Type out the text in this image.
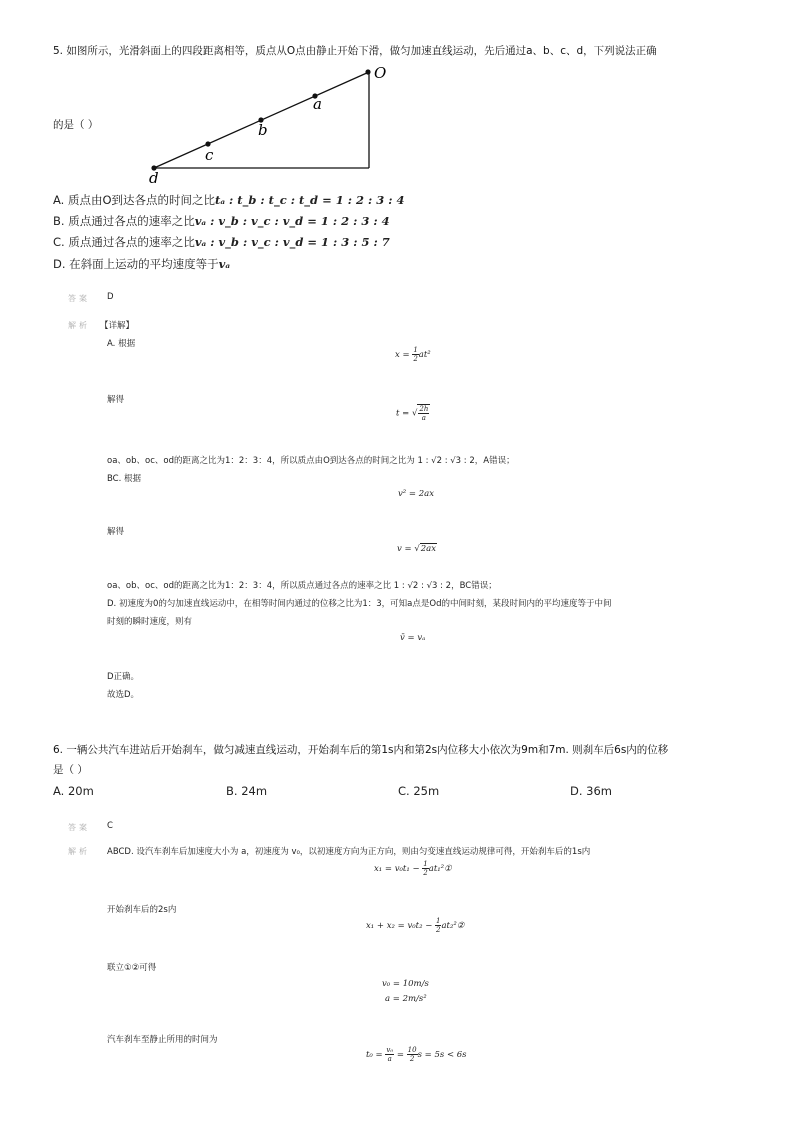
5. 如图所示，光滑斜面上的四段距离相等，质点从O点由静止开始下滑，做匀加速直线运动，先后通过a、b、c、d，下列说法正确
的是（ ）
O
a
b
c
d
A. 质点由O到达各点的时间之比tₐ : t_b : t_c : t_d = 1 : 2 : 3 : 4
B. 质点通过各点的速率之比vₐ : v_b : v_c : v_d = 1 : 2 : 3 : 4
C. 质点通过各点的速率之比vₐ : v_b : v_c : v_d = 1 : 3 : 5 : 7
D. 在斜面上运动的平均速度等于vₐ
答案 D
解析 【详解】
A. 根据
$x = \frac{1}{2} at^2$
解得
t = √ $\frac{2h}{a}$
oa、ob、oc、od的距离之比为1：2：3：4，所以质点由O到达各点的时间之比为 1 : √2 : √3 : 2，A错误；
BC. 根据
v² = 2ax
解得
v = √2ax
oa、ob、oc、od的距离之比为1：2：3：4，所以质点通过各点的速率之比 1 : √2 : √3 : 2，BC错误；
D. 初速度为0的匀加速直线运动中，在相等时间内通过的位移之比为1：3，可知a点是Od的中间时刻，某段时间内的平均速度等于中间
时刻的瞬时速度，则有
v̄ = vₐ
D正确。
故选D。
6. 一辆公共汽车进站后开始刹车，做匀减速直线运动，开始刹车后的第1s内和第2s内位移大小依次为9m和7m. 则刹车后6s内的位移
是（ ）
A. 20m	B. 24m	C. 25m	D. 36m
答案 C
解析 ABCD. 设汽车刹车后加速度大小为 a，初速度为 v₀，以初速度方向为正方向，则由匀变速直线运动规律可得，开始刹车后的1s内
$x_1 = v_0t_1 - \frac{1}{2}$ at₁²①
开始刹车后的2s内
$x_1 + x_2 = v_0t_2 - \frac{1}{2}$ at₂²②
联立①②可得
v₀ = 10m/s
a = 2m/s²
汽车刹车至静止所用的时间为
$t_0 = \frac{\text{v₀}}{a} = \frac{10}{2}$ s = 5s < 6s
